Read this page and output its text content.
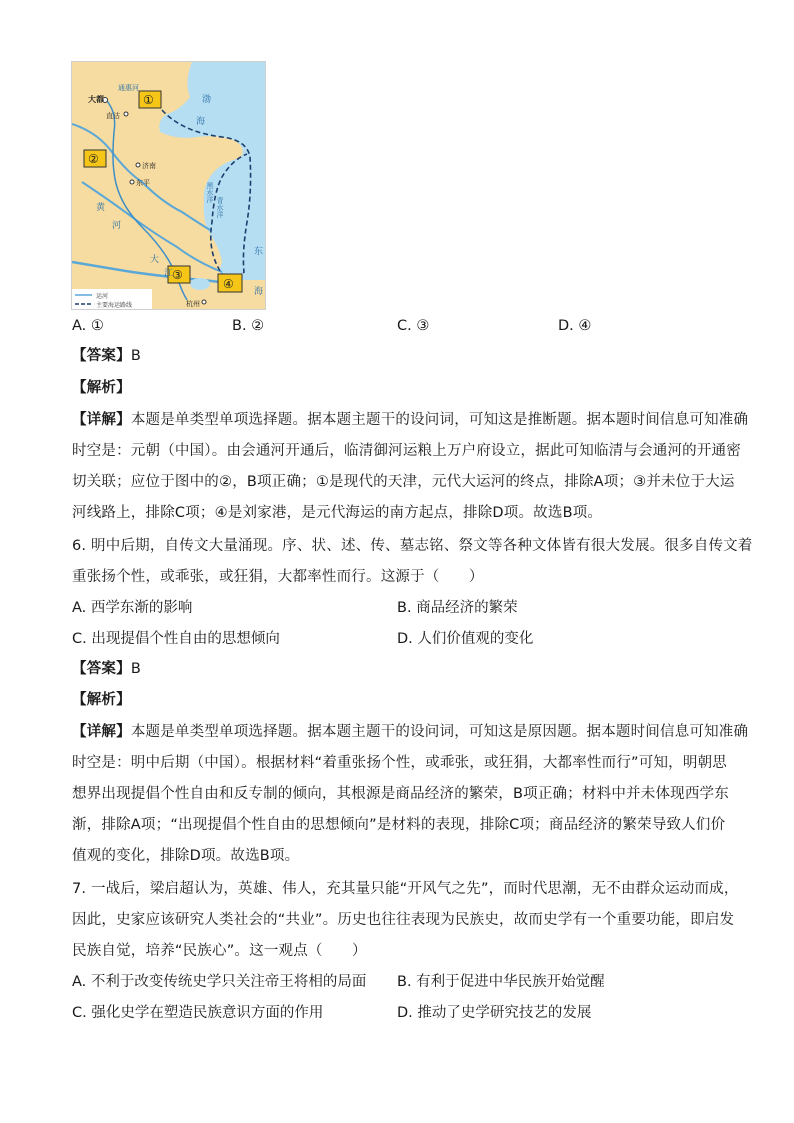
通惠河
大都
直沽
济南
东平
杭州
渤
海
黑水洋
青水洋
东
海
黄
河
大
江
①
②
③
④
运河
主要海运路线
A. ①	B. ②	C. ③	D. ④
【答案】B
【解析】
【详解】本题是单类型单项选择题。据本题主题干的设问词，可知这是推断题。据本题时间信息可知准确
时空是：元朝（中国）。由会通河开通后，临清御河运粮上万户府设立，据此可知临清与会通河的开通密
切关联；应位于图中的②，B项正确；①是现代的天津，元代大运河的终点，排除A项；③并未位于大运
河线路上，排除C项；④是刘家港，是元代海运的南方起点，排除D项。故选B项。
6. 明中后期，自传文大量涌现。序、状、述、传、墓志铭、祭文等各种文体皆有很大发展。很多自传文着
重张扬个性，或乖张，或狂狷，大都率性而行。这源于（　　）
A. 西学东渐的影响	B. 商品经济的繁荣
C. 出现提倡个性自由的思想倾向	D. 人们价值观的变化
【答案】B
【解析】
【详解】本题是单类型单项选择题。据本题主题干的设问词，可知这是原因题。据本题时间信息可知准确
时空是：明中后期（中国）。根据材料“着重张扬个性，或乖张，或狂狷，大都率性而行”可知，明朝思
想界出现提倡个性自由和反专制的倾向，其根源是商品经济的繁荣，B项正确；材料中并未体现西学东
渐，排除A项；“出现提倡个性自由的思想倾向”是材料的表现，排除C项；商品经济的繁荣导致人们价
值观的变化，排除D项。故选B项。
7. 一战后，梁启超认为，英雄、伟人，充其量只能“开风气之先”，而时代思潮，无不由群众运动而成，
因此，史家应该研究人类社会的“共业”。历史也往往表现为民族史，故而史学有一个重要功能，即启发
民族自觉，培养“民族心”。这一观点（　　）
A. 不利于改变传统史学只关注帝王将相的局面 B. 有利于促进中华民族开始觉醒
C. 强化史学在塑造民族意识方面的作用	D. 推动了史学研究技艺的发展
